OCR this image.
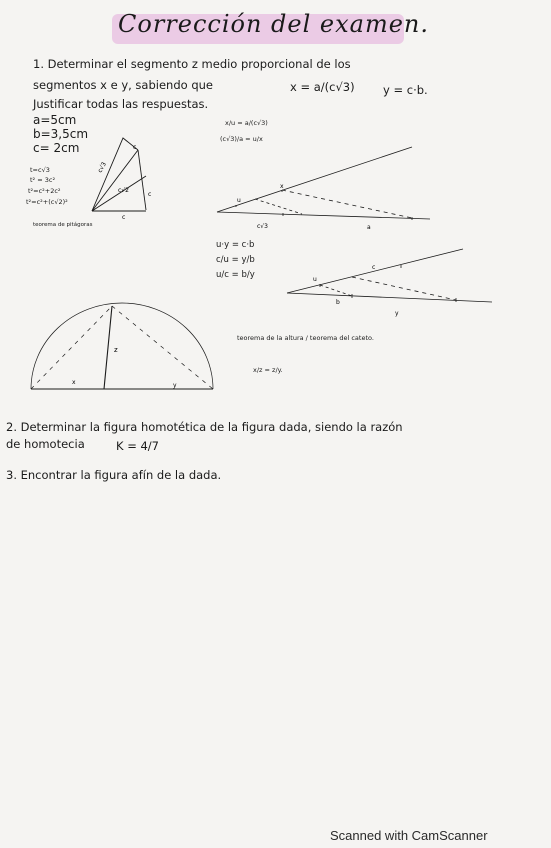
Corrección del examen.
1. Determinar el segmento z medio proporcional de los
segmentos x e y, sabiendo que	x = a/(c√3) y = c·b.
Justificar todas las respuestas.
a=5cm
b=3,5cm
c= 2cm
t=c√3
t² = 3c²
t²=c²+2c²
t²=c²+(c√2)²
teorema de pitágoras
x/u = a/(c√3)
(c√3)/a = u/x
u·y = c·b
c/u = y/b
u/c = b/y
teorema de la altura / teorema del cateto.
x/z = z/y.
2. Determinar la figura homotética de la figura dada, siendo la razón
de homotecia	K = 4/7
3. Encontrar la figura afín de la dada.
c
c
c
c√3
c√2
x
u
c√3	a
u
c
b
y
z
x	y
Scanned with CamScanner
